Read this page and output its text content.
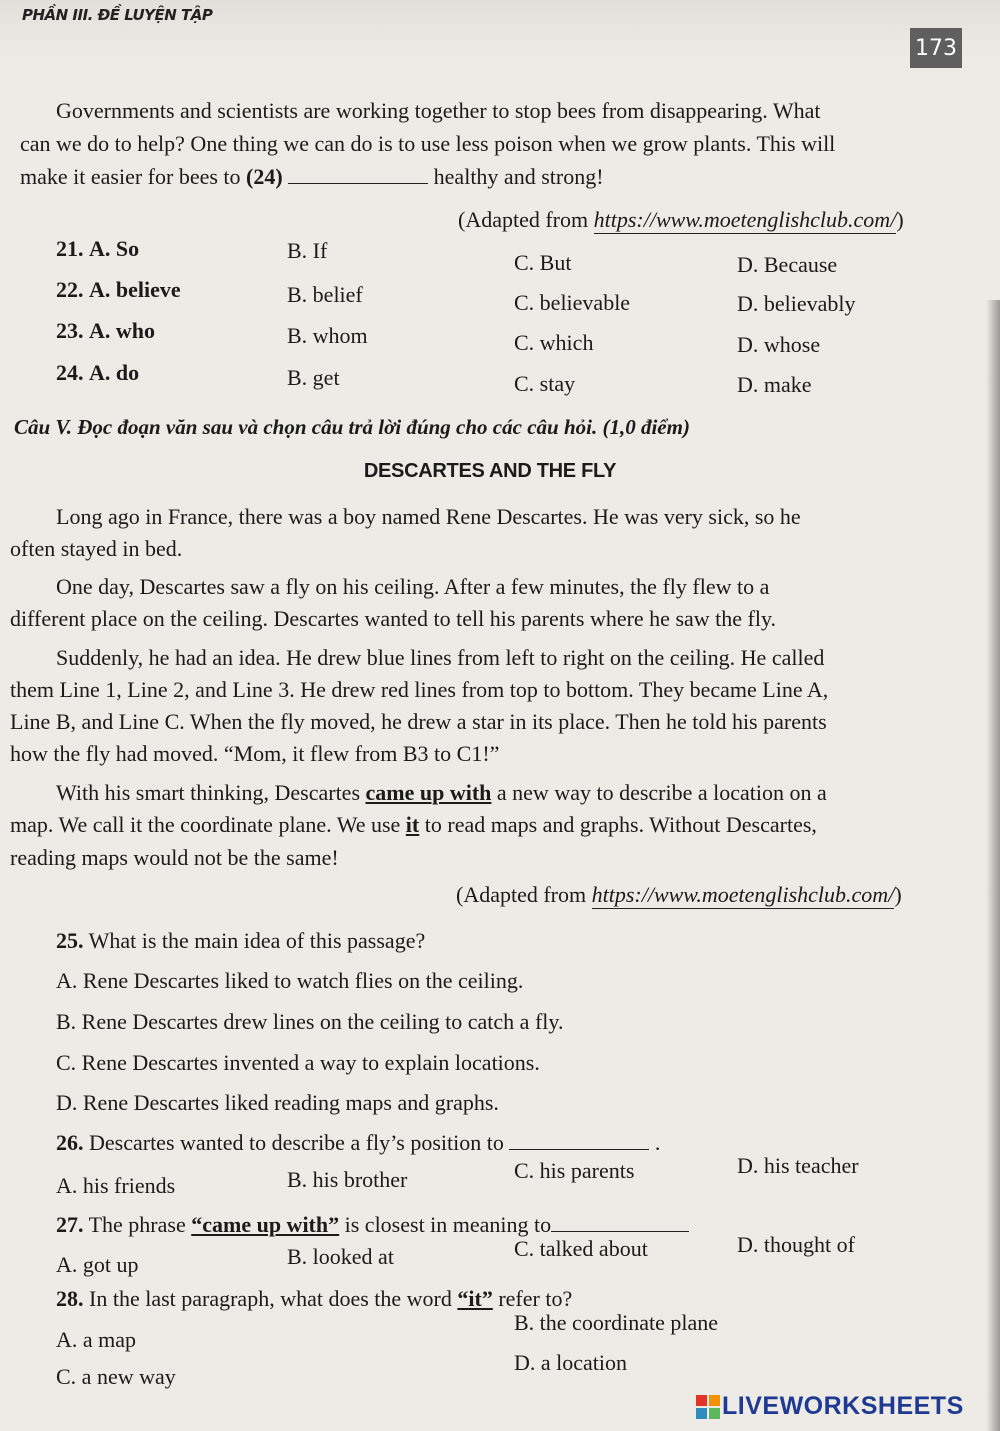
PHẦN III. ĐỀ LUYỆN TẬP
173
Governments and scientists are working together to stop bees from disappearing. What
can we do to help? One thing we can do is to use less poison when we grow plants. This will
make it easier for bees to (24)	healthy and strong!
(Adapted from https://www.moetenglishclub.com/)
21. A. So	B. If	C. But	D. Because
22. A. believe	B. belief	C. believable	D. believably
23. A. who	B. whom	C. which	D. whose
24. A. do	B. get	C. stay	D. make
Câu V. Đọc đoạn văn sau và chọn câu trả lời đúng cho các câu hỏi. (1,0 điểm)
DESCARTES AND THE FLY
Long ago in France, there was a boy named Rene Descartes. He was very sick, so he
often stayed in bed.
One day, Descartes saw a fly on his ceiling. After a few minutes, the fly flew to a
different place on the ceiling. Descartes wanted to tell his parents where he saw the fly.
Suddenly, he had an idea. He drew blue lines from left to right on the ceiling. He called
them Line 1, Line 2, and Line 3. He drew red lines from top to bottom. They became Line A,
Line B, and Line C. When the fly moved, he drew a star in its place. Then he told his parents
how the fly had moved. “Mom, it flew from B3 to C1!”
With his smart thinking, Descartes came up with a new way to describe a location on a
map. We call it the coordinate plane. We use it to read maps and graphs. Without Descartes,
reading maps would not be the same!
(Adapted from https://www.moetenglishclub.com/)
25. What is the main idea of this passage?
A. Rene Descartes liked to watch flies on the ceiling.
B. Rene Descartes drew lines on the ceiling to catch a fly.
C. Rene Descartes invented a way to explain locations.
D. Rene Descartes liked reading maps and graphs.
26. Descartes wanted to describe a fly’s position to	.
A. his friends	B. his brother	C. his parents	D. his teacher
27. The phrase “came up with” is closest in meaning to
A. got up	B. looked at	C. talked about	D. thought of
28. In the last paragraph, what does the word “it” refer to?
A. a map
B. the coordinate plane
C. a new way
D. a location
LIVEWORKSHEETS
